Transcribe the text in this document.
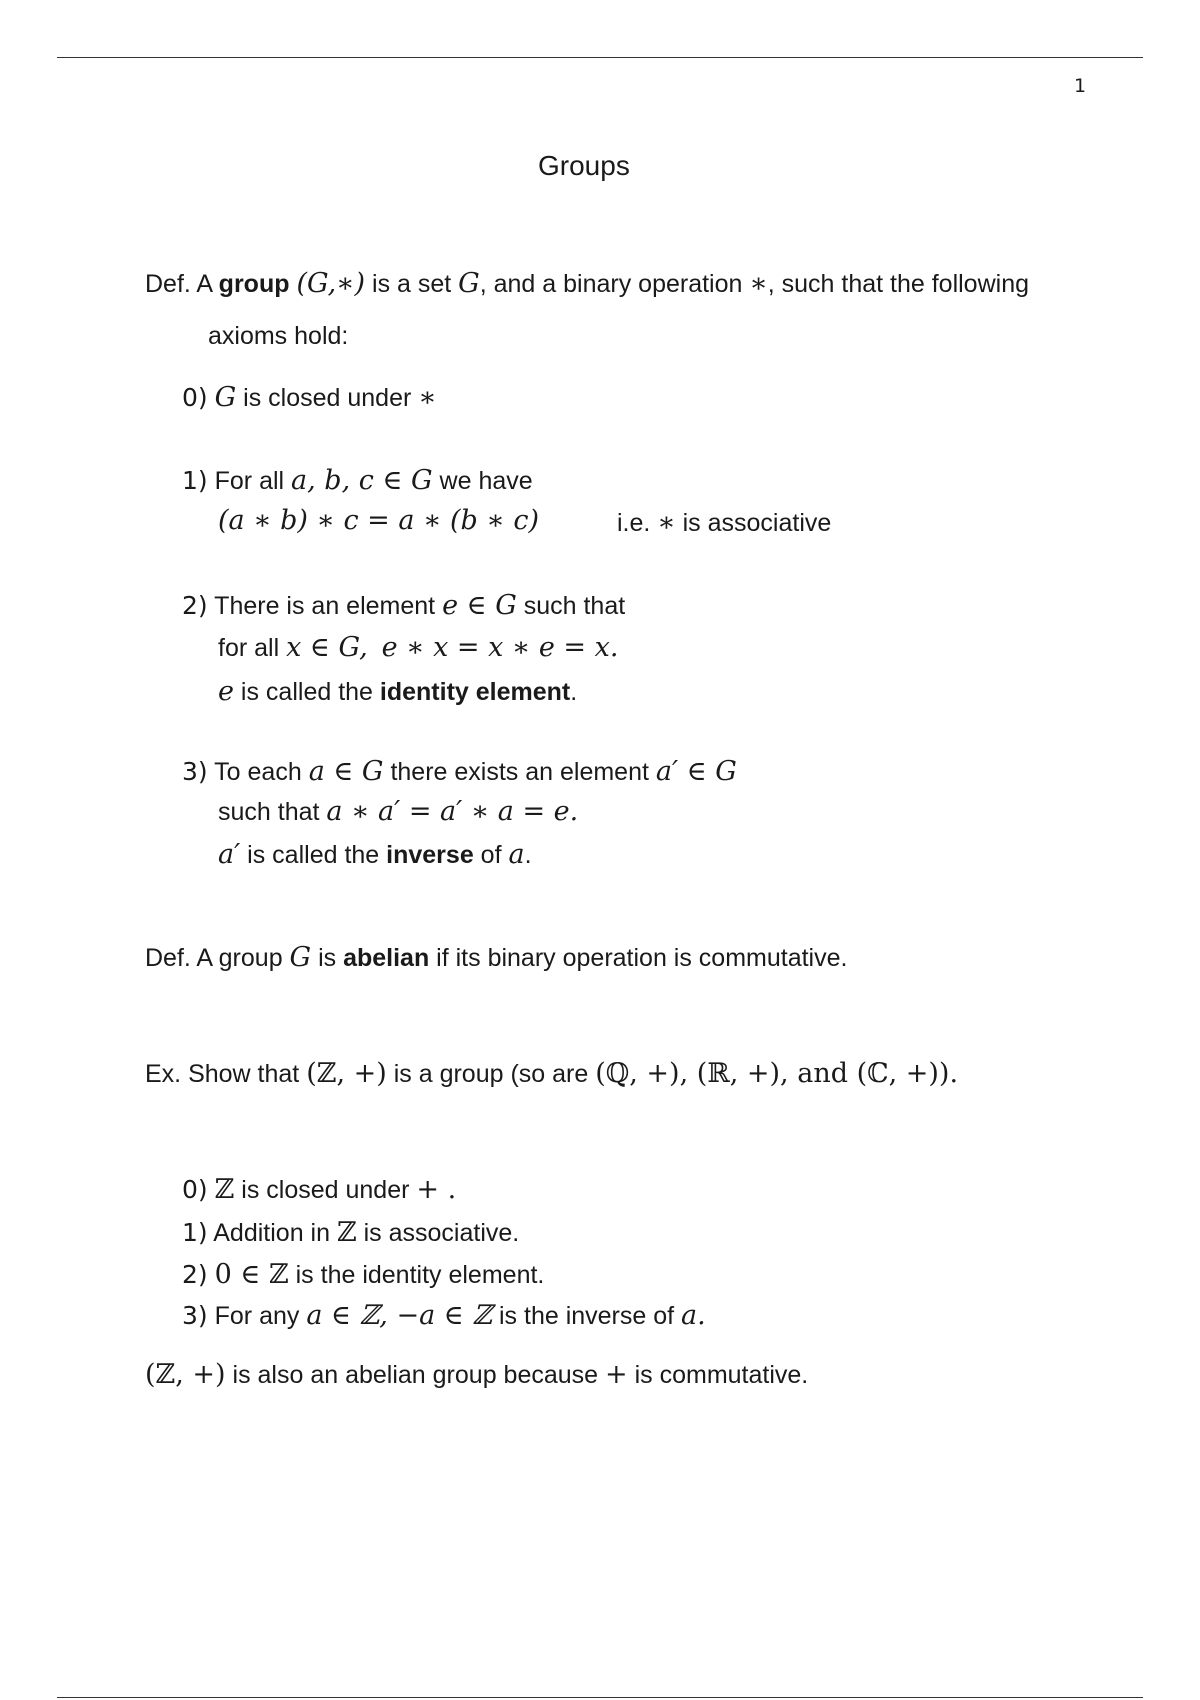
1
Groups
Def. A group (G,∗) is a set G, and a binary operation ∗, such that the following
axioms hold:
0) G is closed under ∗
1) For all a, b, c ∈ G we have
(a ∗ b) ∗ c = a ∗ (b ∗ c)	i.e. ∗ is associative
2) There is an element e ∈ G such that
for all x ∈ G, e ∗ x = x ∗ e = x.
e is called the identity element.
3) To each a ∈ G there exists an element a′ ∈ G
such that a ∗ a′ = a′ ∗ a = e.
a′ is called the inverse of a.
Def. A group G is abelian if its binary operation is commutative.
Ex. Show that (ℤ, +) is a group (so are (ℚ, +), (ℝ, +), and (ℂ, +)).
0) ℤ is closed under + .
1) Addition in ℤ is associative.
2) 0 ∈ ℤ is the identity element.
3) For any a ∈ ℤ, −a ∈ ℤ is the inverse of a.
(ℤ, +) is also an abelian group because + is commutative.
